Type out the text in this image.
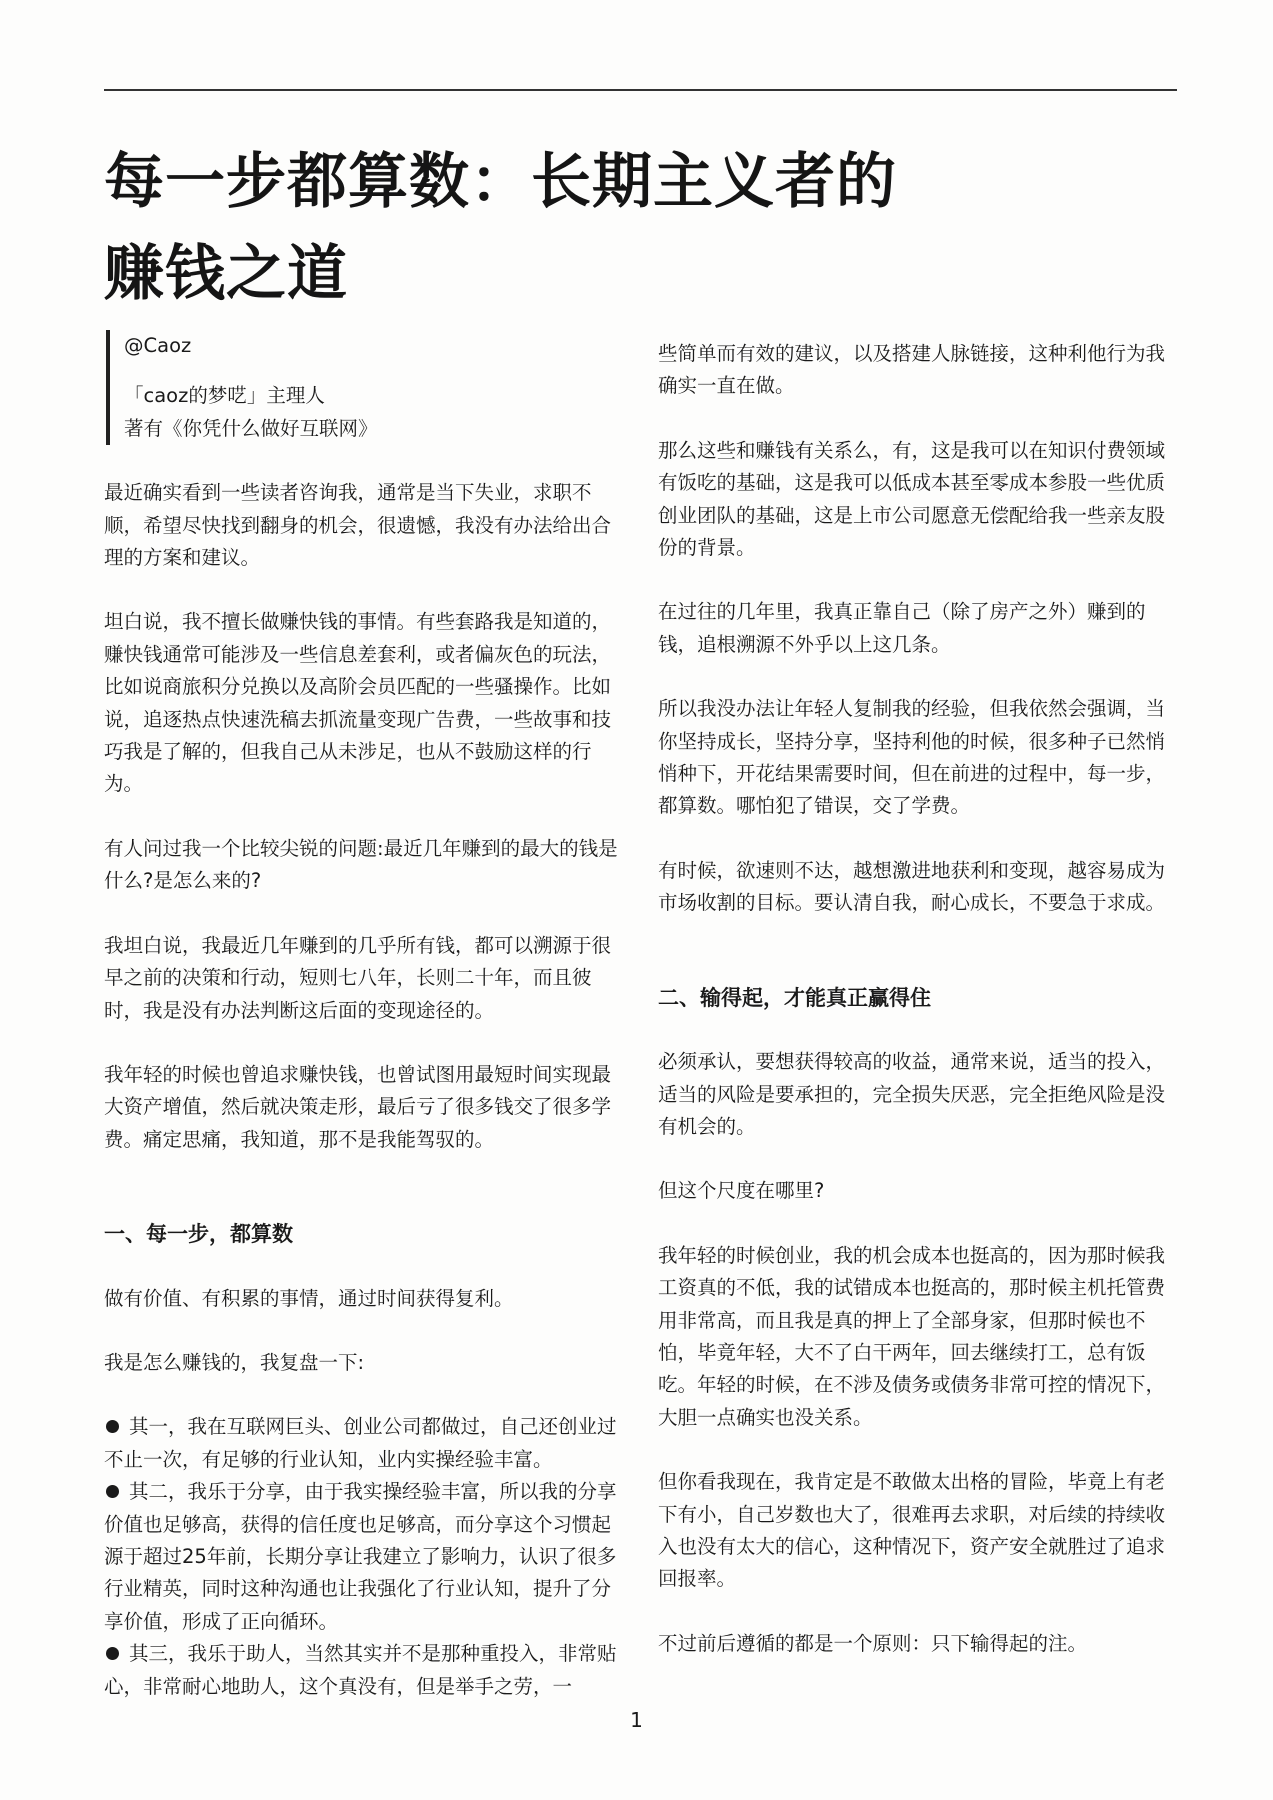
每一步都算数：长期主义者的
赚钱之道

@Caoz

「caoz的梦呓」主理人

著有《你凭什么做好互联网》

最近确实看到一些读者咨询我，通常是当下失业，求职不顺，希望尽快找到翻身的机会，很遗憾，我没有办法给出合理的方案和建议。

坦白说，我不擅长做赚快钱的事情。有些套路我是知道的，赚快钱通常可能涉及一些信息差套利，或者偏灰色的玩法，比如说商旅积分兑换以及高阶会员匹配的一些骚操作。比如说，追逐热点快速洗稿去抓流量变现广告费，一些故事和技巧我是了解的，但我自己从未涉足，也从不鼓励这样的行为。

有人问过我一个比较尖锐的问题:最近几年赚到的最大的钱是什么?是怎么来的?

我坦白说，我最近几年赚到的几乎所有钱，都可以溯源于很早之前的决策和行动，短则七八年，长则二十年，而且彼时，我是没有办法判断这后面的变现途径的。

我年轻的时候也曾追求赚快钱，也曾试图用最短时间实现最大资产增值，然后就决策走形，最后亏了很多钱交了很多学费。痛定思痛，我知道，那不是我能驾驭的。

一、每一步，都算数

做有价值、有积累的事情，通过时间获得复利。

我是怎么赚钱的，我复盘一下:

其一，我在互联网巨头、创业公司都做过，自己还创业过不止一次，有足够的行业认知，业内实操经验丰富。

其二，我乐于分享，由于我实操经验丰富，所以我的分享价值也足够高，获得的信任度也足够高，而分享这个习惯起源于超过25年前，长期分享让我建立了影响力，认识了很多行业精英，同时这种沟通也让我强化了行业认知，提升了分享价值，形成了正向循环。

其三，我乐于助人，当然其实并不是那种重投入，非常贴心，非常耐心地助人，这个真没有，但是举手之劳，一

些简单而有效的建议，以及搭建人脉链接，这种利他行为我确实一直在做。

那么这些和赚钱有关系么，有，这是我可以在知识付费领域有饭吃的基础，这是我可以低成本甚至零成本参股一些优质创业团队的基础，这是上市公司愿意无偿配给我一些亲友股份的背景。

在过往的几年里，我真正靠自己（除了房产之外）赚到的钱，追根溯源不外乎以上这几条。

所以我没办法让年轻人复制我的经验，但我依然会强调，当你坚持成长，坚持分享，坚持利他的时候，很多种子已然悄悄种下，开花结果需要时间，但在前进的过程中，每一步，都算数。哪怕犯了错误，交了学费。

有时候，欲速则不达，越想激进地获利和变现，越容易成为市场收割的目标。要认清自我，耐心成长，不要急于求成。

二、输得起，才能真正赢得住

必须承认，要想获得较高的收益，通常来说，适当的投入，适当的风险是要承担的，完全损失厌恶，完全拒绝风险是没有机会的。

但这个尺度在哪里?

我年轻的时候创业，我的机会成本也挺高的，因为那时候我工资真的不低，我的试错成本也挺高的，那时候主机托管费用非常高，而且我是真的押上了全部身家，但那时候也不怕，毕竟年轻，大不了白干两年，回去继续打工，总有饭吃。年轻的时候，在不涉及债务或债务非常可控的情况下，大胆一点确实也没关系。

但你看我现在，我肯定是不敢做太出格的冒险，毕竟上有老下有小，自己岁数也大了，很难再去求职，对后续的持续收入也没有太大的信心，这种情况下，资产安全就胜过了追求回报率。

不过前后遵循的都是一个原则：只下输得起的注。

1
